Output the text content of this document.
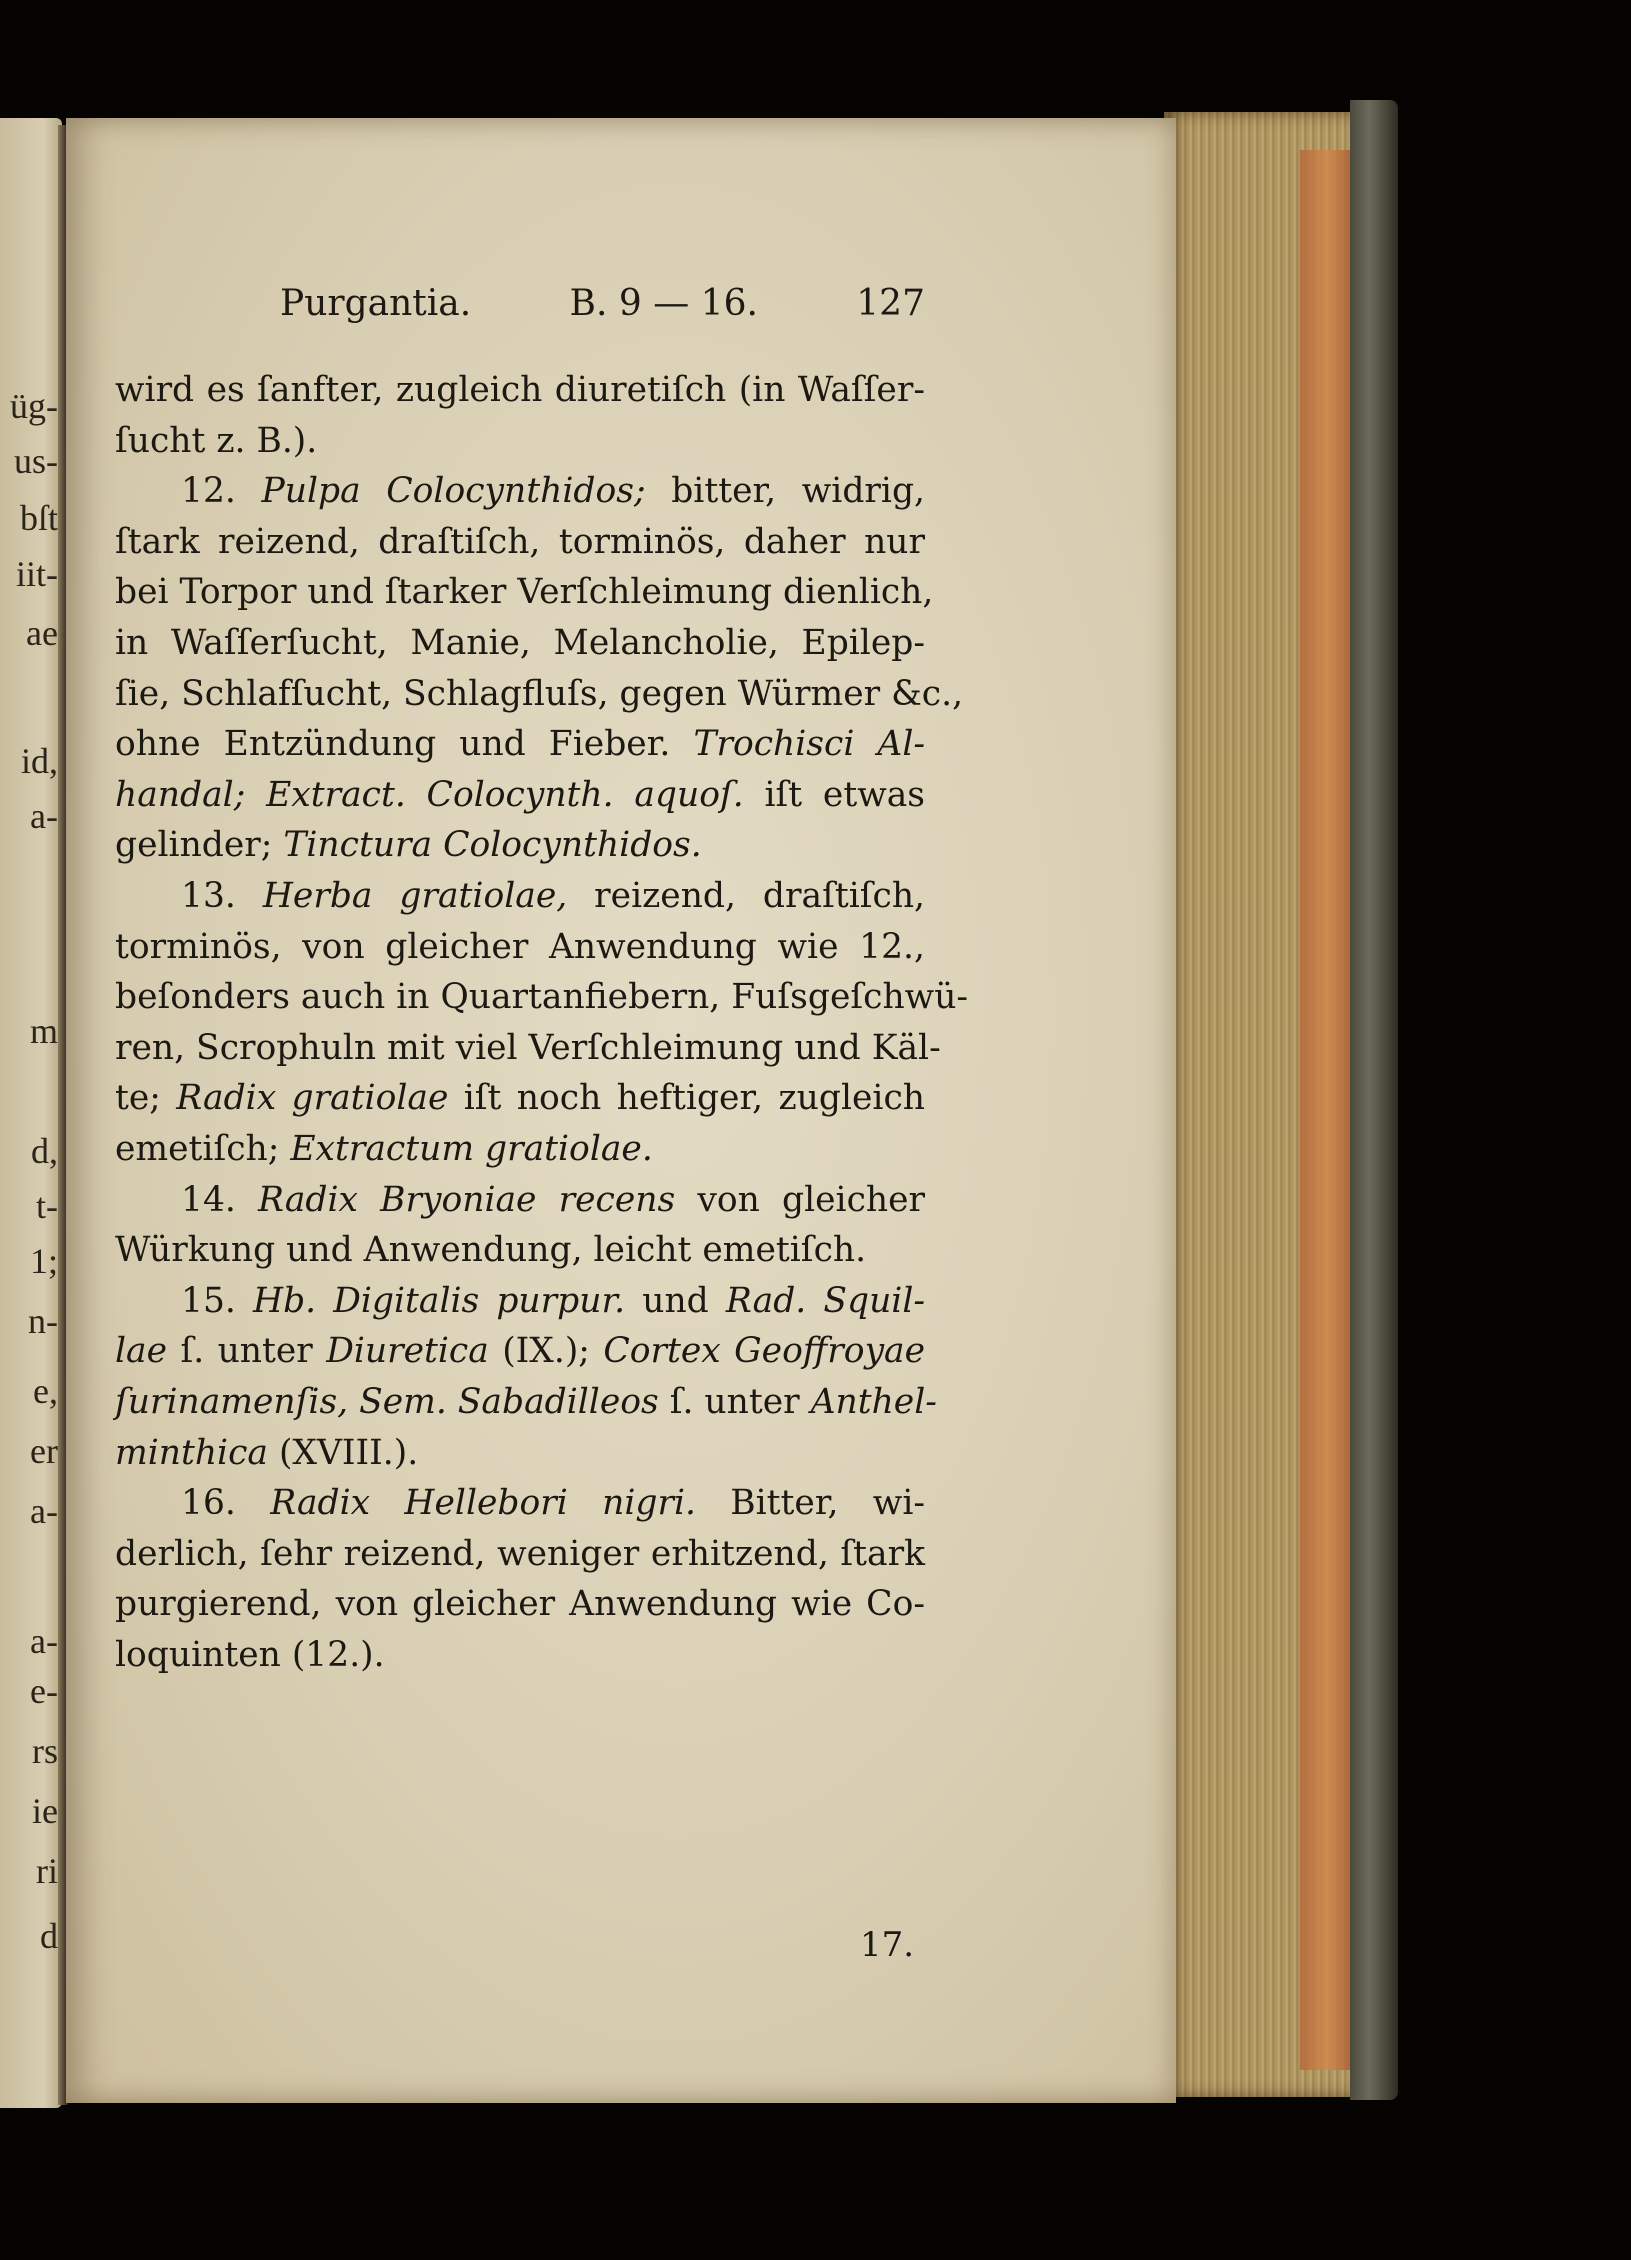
üg-
us-
bſt
iit-
ae
id,
a-
m
d,
t-
1;
n-
e,
er
a-
a-
e-
rs
ie
ri
d
Purgantia.	B. 9 — 16.	127
wird es ſanfter, zugleich diuretiſch (in Waſſer-
ſucht z. B.).
12. Pulpa Colocynthidos; bitter, widrig,
ſtark reizend, draſtiſch, torminös, daher nur
bei Torpor und ſtarker Verſchleimung dienlich,
in Waſſerſucht, Manie, Melancholie, Epilep-
ſie, Schlafſucht, Schlagfluſs, gegen Würmer &c.,
ohne Entzündung und Fieber. Trochisci Al-
handal; Extract. Colocynth. aquoſ. iſt etwas
gelinder; Tinctura Colocynthidos.
13. Herba gratiolae, reizend, draſtiſch,
torminös, von gleicher Anwendung wie 12.,
beſonders auch in Quartanfiebern, Fuſsgeſchwü-
ren, Scrophuln mit viel Verſchleimung und Käl-
te; Radix gratiolae iſt noch heftiger, zugleich
emetiſch; Extractum gratiolae.
14. Radix Bryoniae recens von gleicher
Würkung und Anwendung, leicht emetiſch.
15. Hb. Digitalis purpur. und Rad. Squil-
lae ſ. unter Diuretica (IX.); Cortex Geoffroyae
ſurinamenſis, Sem. Sabadilleos ſ. unter Anthel-
minthica (XVIII.).
16. Radix Hellebori nigri. Bitter, wi-
derlich, ſehr reizend, weniger erhitzend, ſtark
purgierend, von gleicher Anwendung wie Co-
loquinten (12.).
17.
